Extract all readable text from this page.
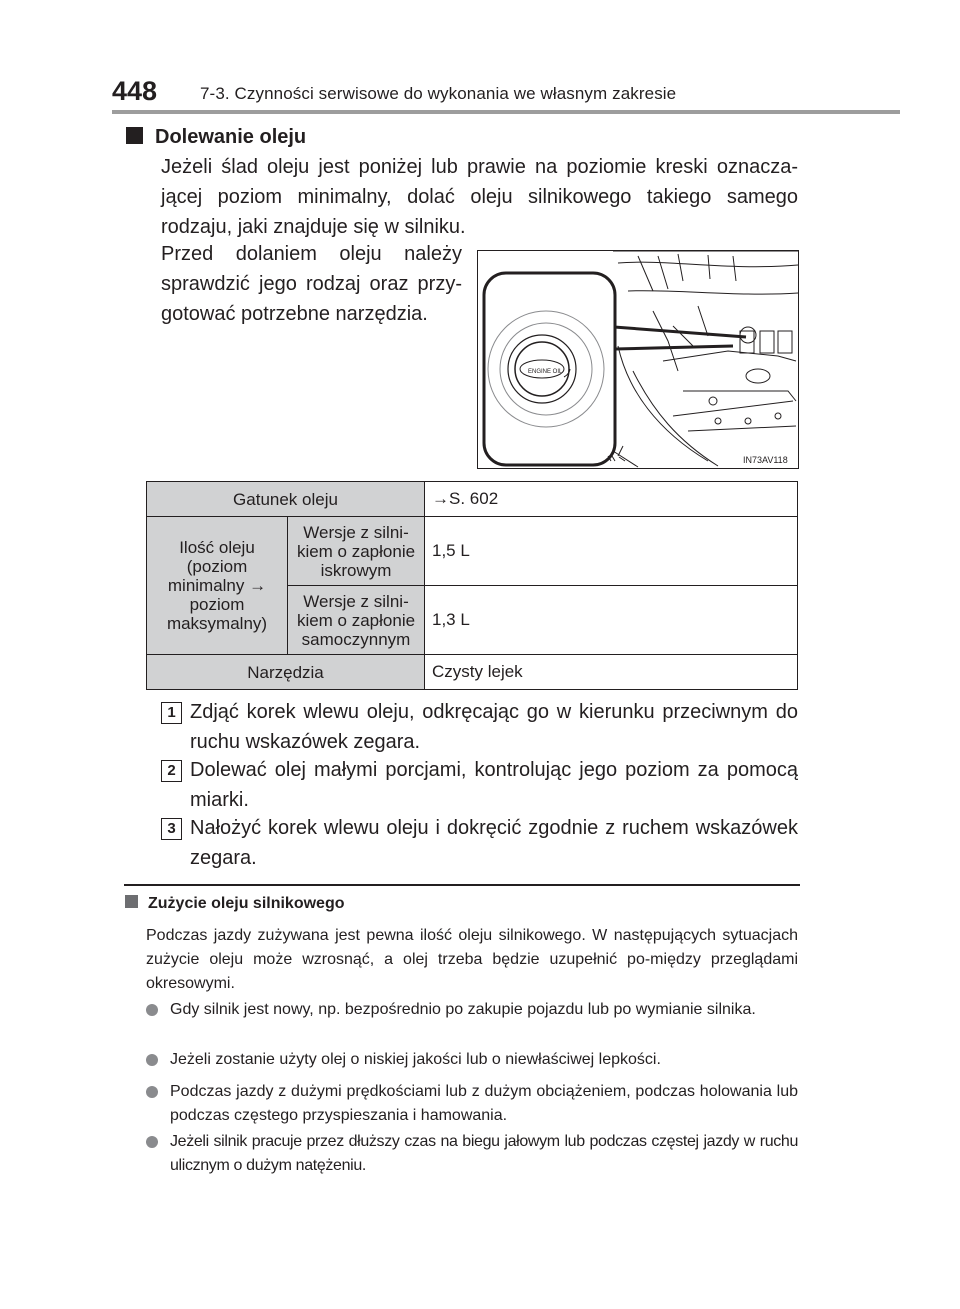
448	7-3. Czynności serwisowe do wykonania we własnym zakresie
Dolewanie oleju
Jeżeli ślad oleju jest poniżej lub prawie na poziomie kreski oznacza-jącej poziom minimalny, dolać oleju silnikowego takiego samego rodzaju, jaki znajduje się w silniku.
Przed dolaniem oleju należy sprawdzić jego rodzaj oraz przy-gotować potrzebne narzędzia.
ENGINE OIL
IN73AV118
Gatunek oleju		→S. 602

Ilość oleju (poziom minimalny → poziom maksymalny)	Wersje z silni-kiem o zapłonie iskrowym	1,5 L

	Wersje z silni-kiem o zapłonie samoczynnym	1,3 L
Narzędzia		Czysty lejek
1 Zdjąć korek wlewu oleju, odkręcając go w kierunku przeciwnym do ruchu wskazówek zegara.
2 Dolewać olej małymi porcjami, kontrolując jego poziom za pomocą miarki.
3 Nałożyć korek wlewu oleju i dokręcić zgodnie z ruchem wskazówek zegara.
Zużycie oleju silnikowego
Podczas jazdy zużywana jest pewna ilość oleju silnikowego. W następujących sytuacjach zużycie oleju może wzrosnąć, a olej trzeba będzie uzupełnić po-między przeglądami okresowymi.
Gdy silnik jest nowy, np. bezpośrednio po zakupie pojazdu lub po wymianie silnika.
Jeżeli zostanie użyty olej o niskiej jakości lub o niewłaściwej lepkości.
Podczas jazdy z dużymi prędkościami lub z dużym obciążeniem, podczas holowania lub podczas częstego przyspieszania i hamowania.
Jeżeli silnik pracuje przez dłuższy czas na biegu jałowym lub podczas częstej jazdy w ruchu ulicznym o dużym natężeniu.
